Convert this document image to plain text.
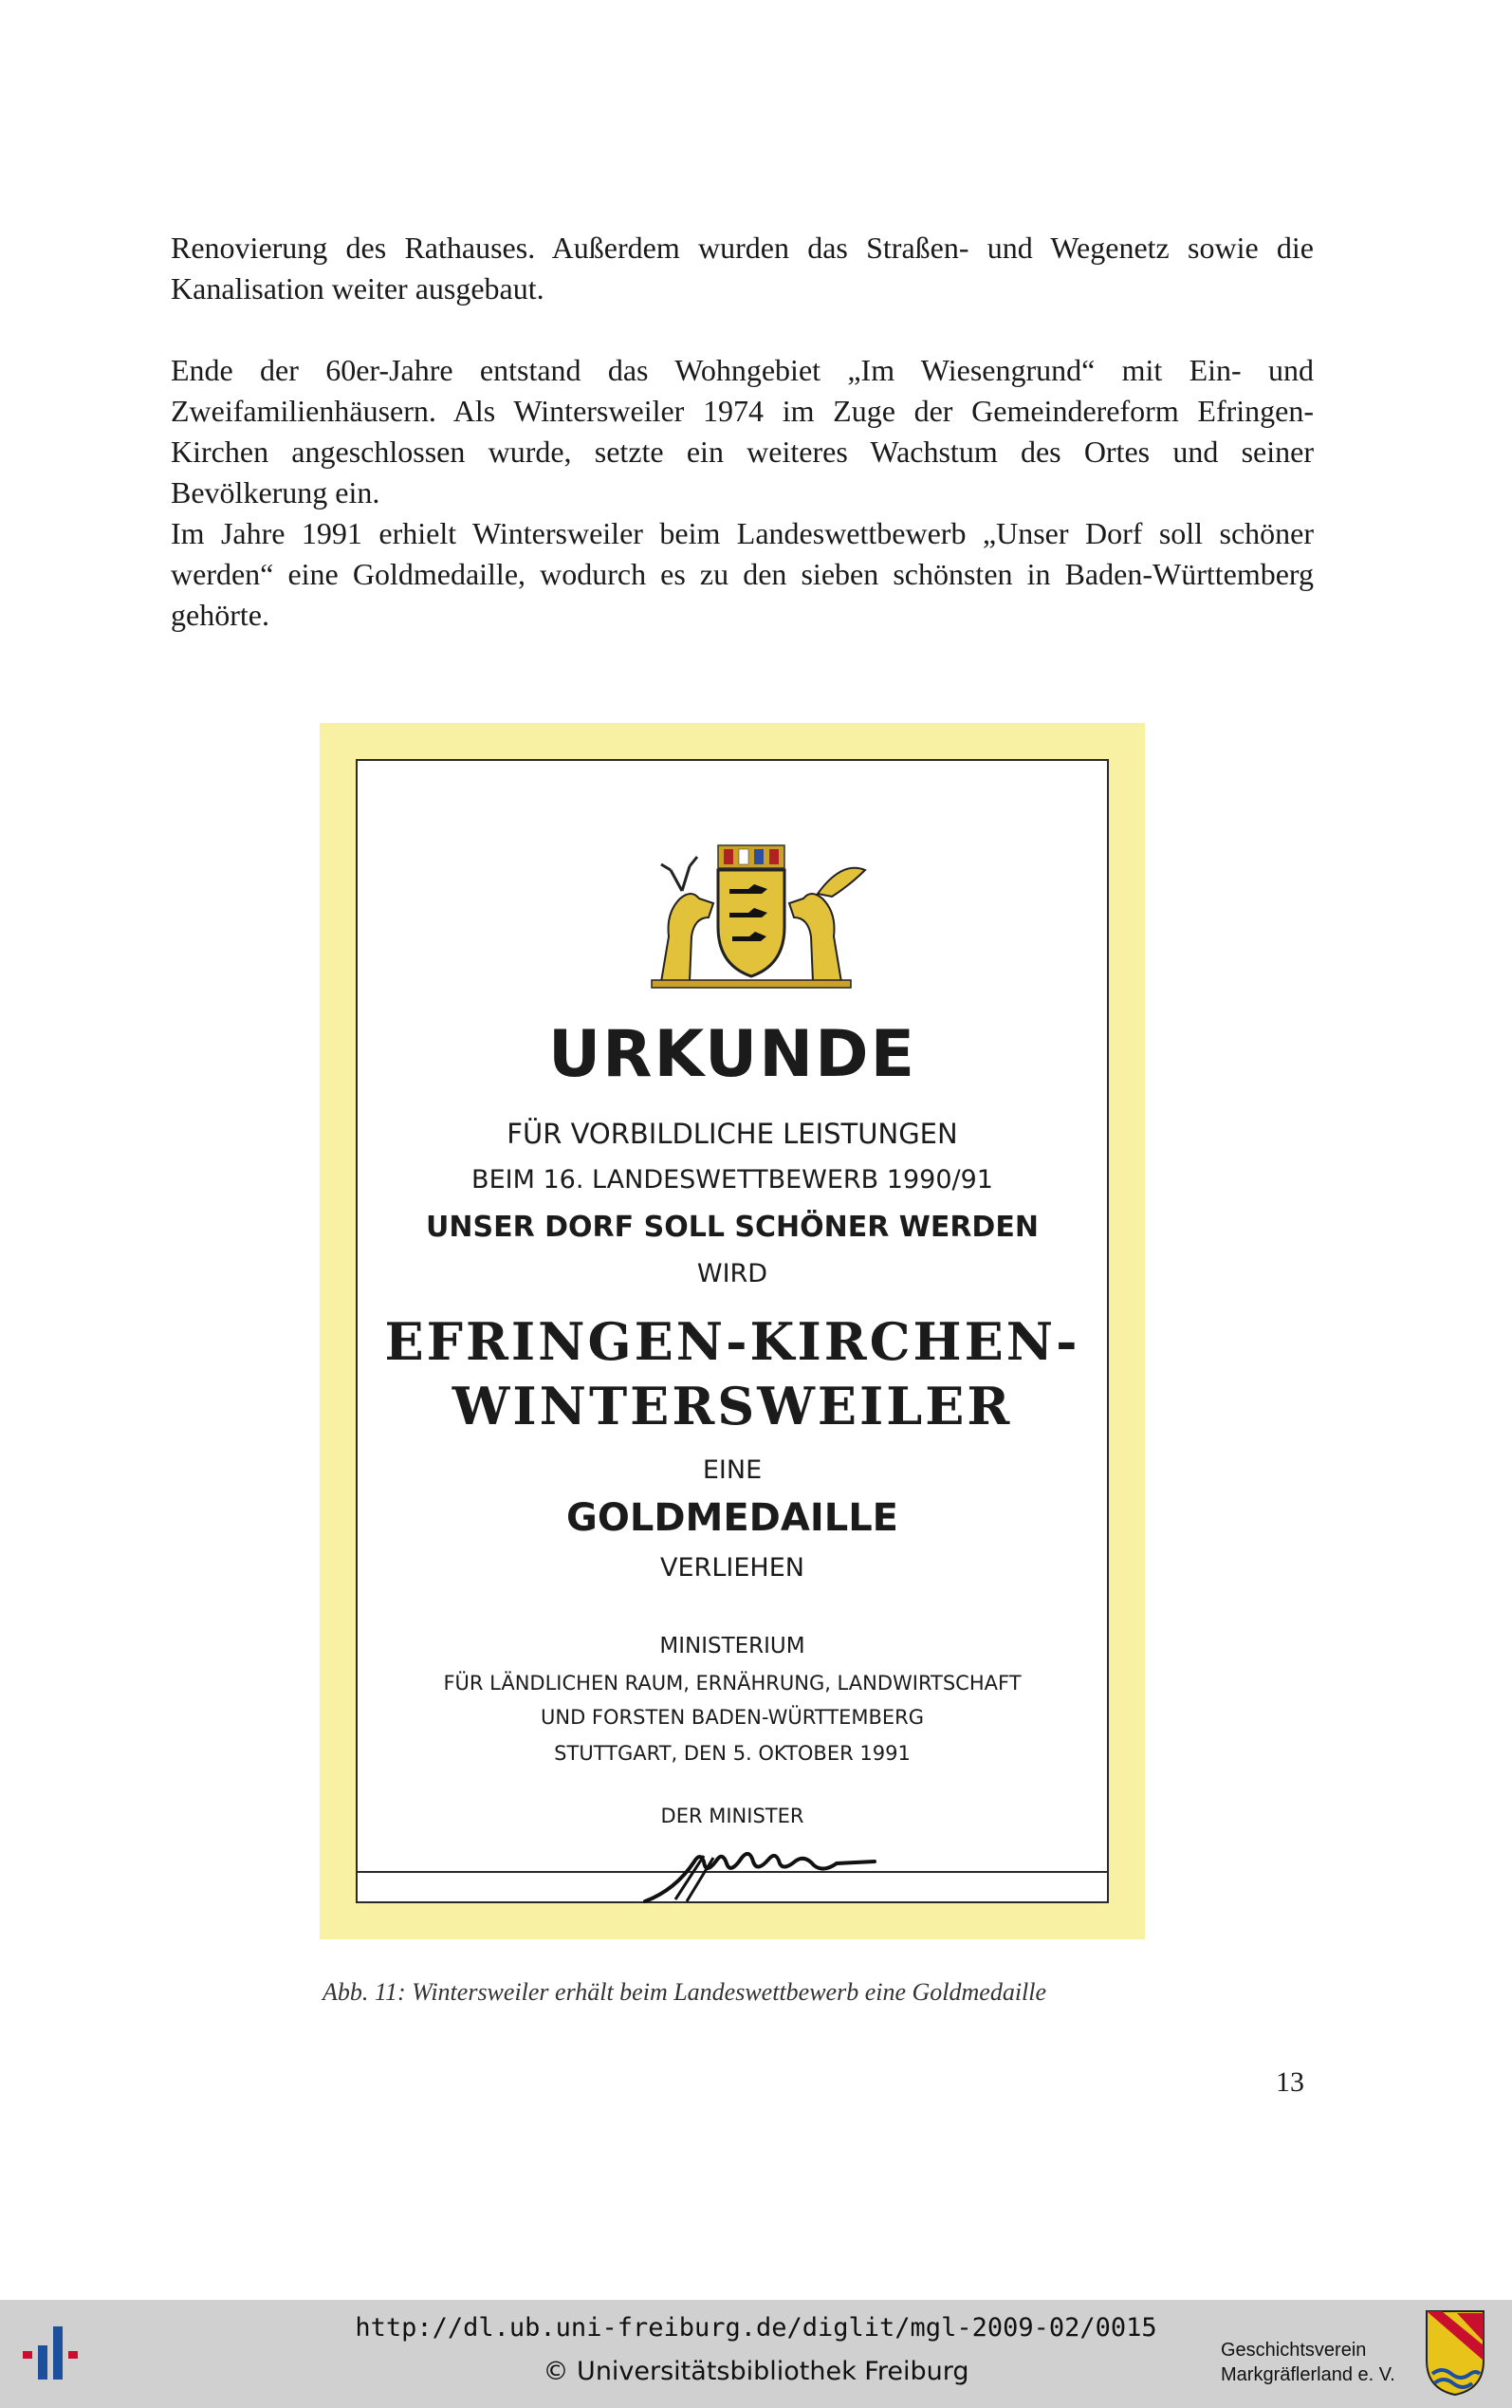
Renovierung des Rathauses. Außerdem wurden das Straßen- und Wegenetz sowie die Kanalisation weiter ausgebaut.

Ende der 60er-Jahre entstand das Wohngebiet „Im Wiesengrund“ mit Ein- und Zweifamilienhäusern. Als Wintersweiler 1974 im Zuge der Gemeindereform Efringen-Kirchen angeschlossen wurde, setzte ein weiteres Wachstum des Ortes und seiner Bevölkerung ein.

Im Jahre 1991 erhielt Wintersweiler beim Landeswettbewerb „Unser Dorf soll schöner werden“ eine Goldmedaille, wodurch es zu den sieben schönsten in Baden-Württemberg gehörte.

URKUNDE
FÜR VORBILDLICHE LEISTUNGEN
BEIM 16. LANDESWETTBEWERB 1990/91
UNSER DORF SOLL SCHÖNER WERDEN
WIRD
EFRINGEN-KIRCHEN-
WINTERSWEILER
EINE
GOLDMEDAILLE
VERLIEHEN
MINISTERIUM
FÜR LÄNDLICHEN RAUM, ERNÄHRUNG, LANDWIRTSCHAFT
UND FORSTEN BADEN-WÜRTTEMBERG
STUTTGART, DEN 5. OKTOBER 1991
DER MINISTER
Abb. 11: Wintersweiler erhält beim Landeswettbewerb eine Goldmedaille
13
http://dl.ub.uni-freiburg.de/diglit/mgl-2009-02/0015
© Universitätsbibliothek Freiburg
Geschichtsverein
Markgräflerland e. V.
